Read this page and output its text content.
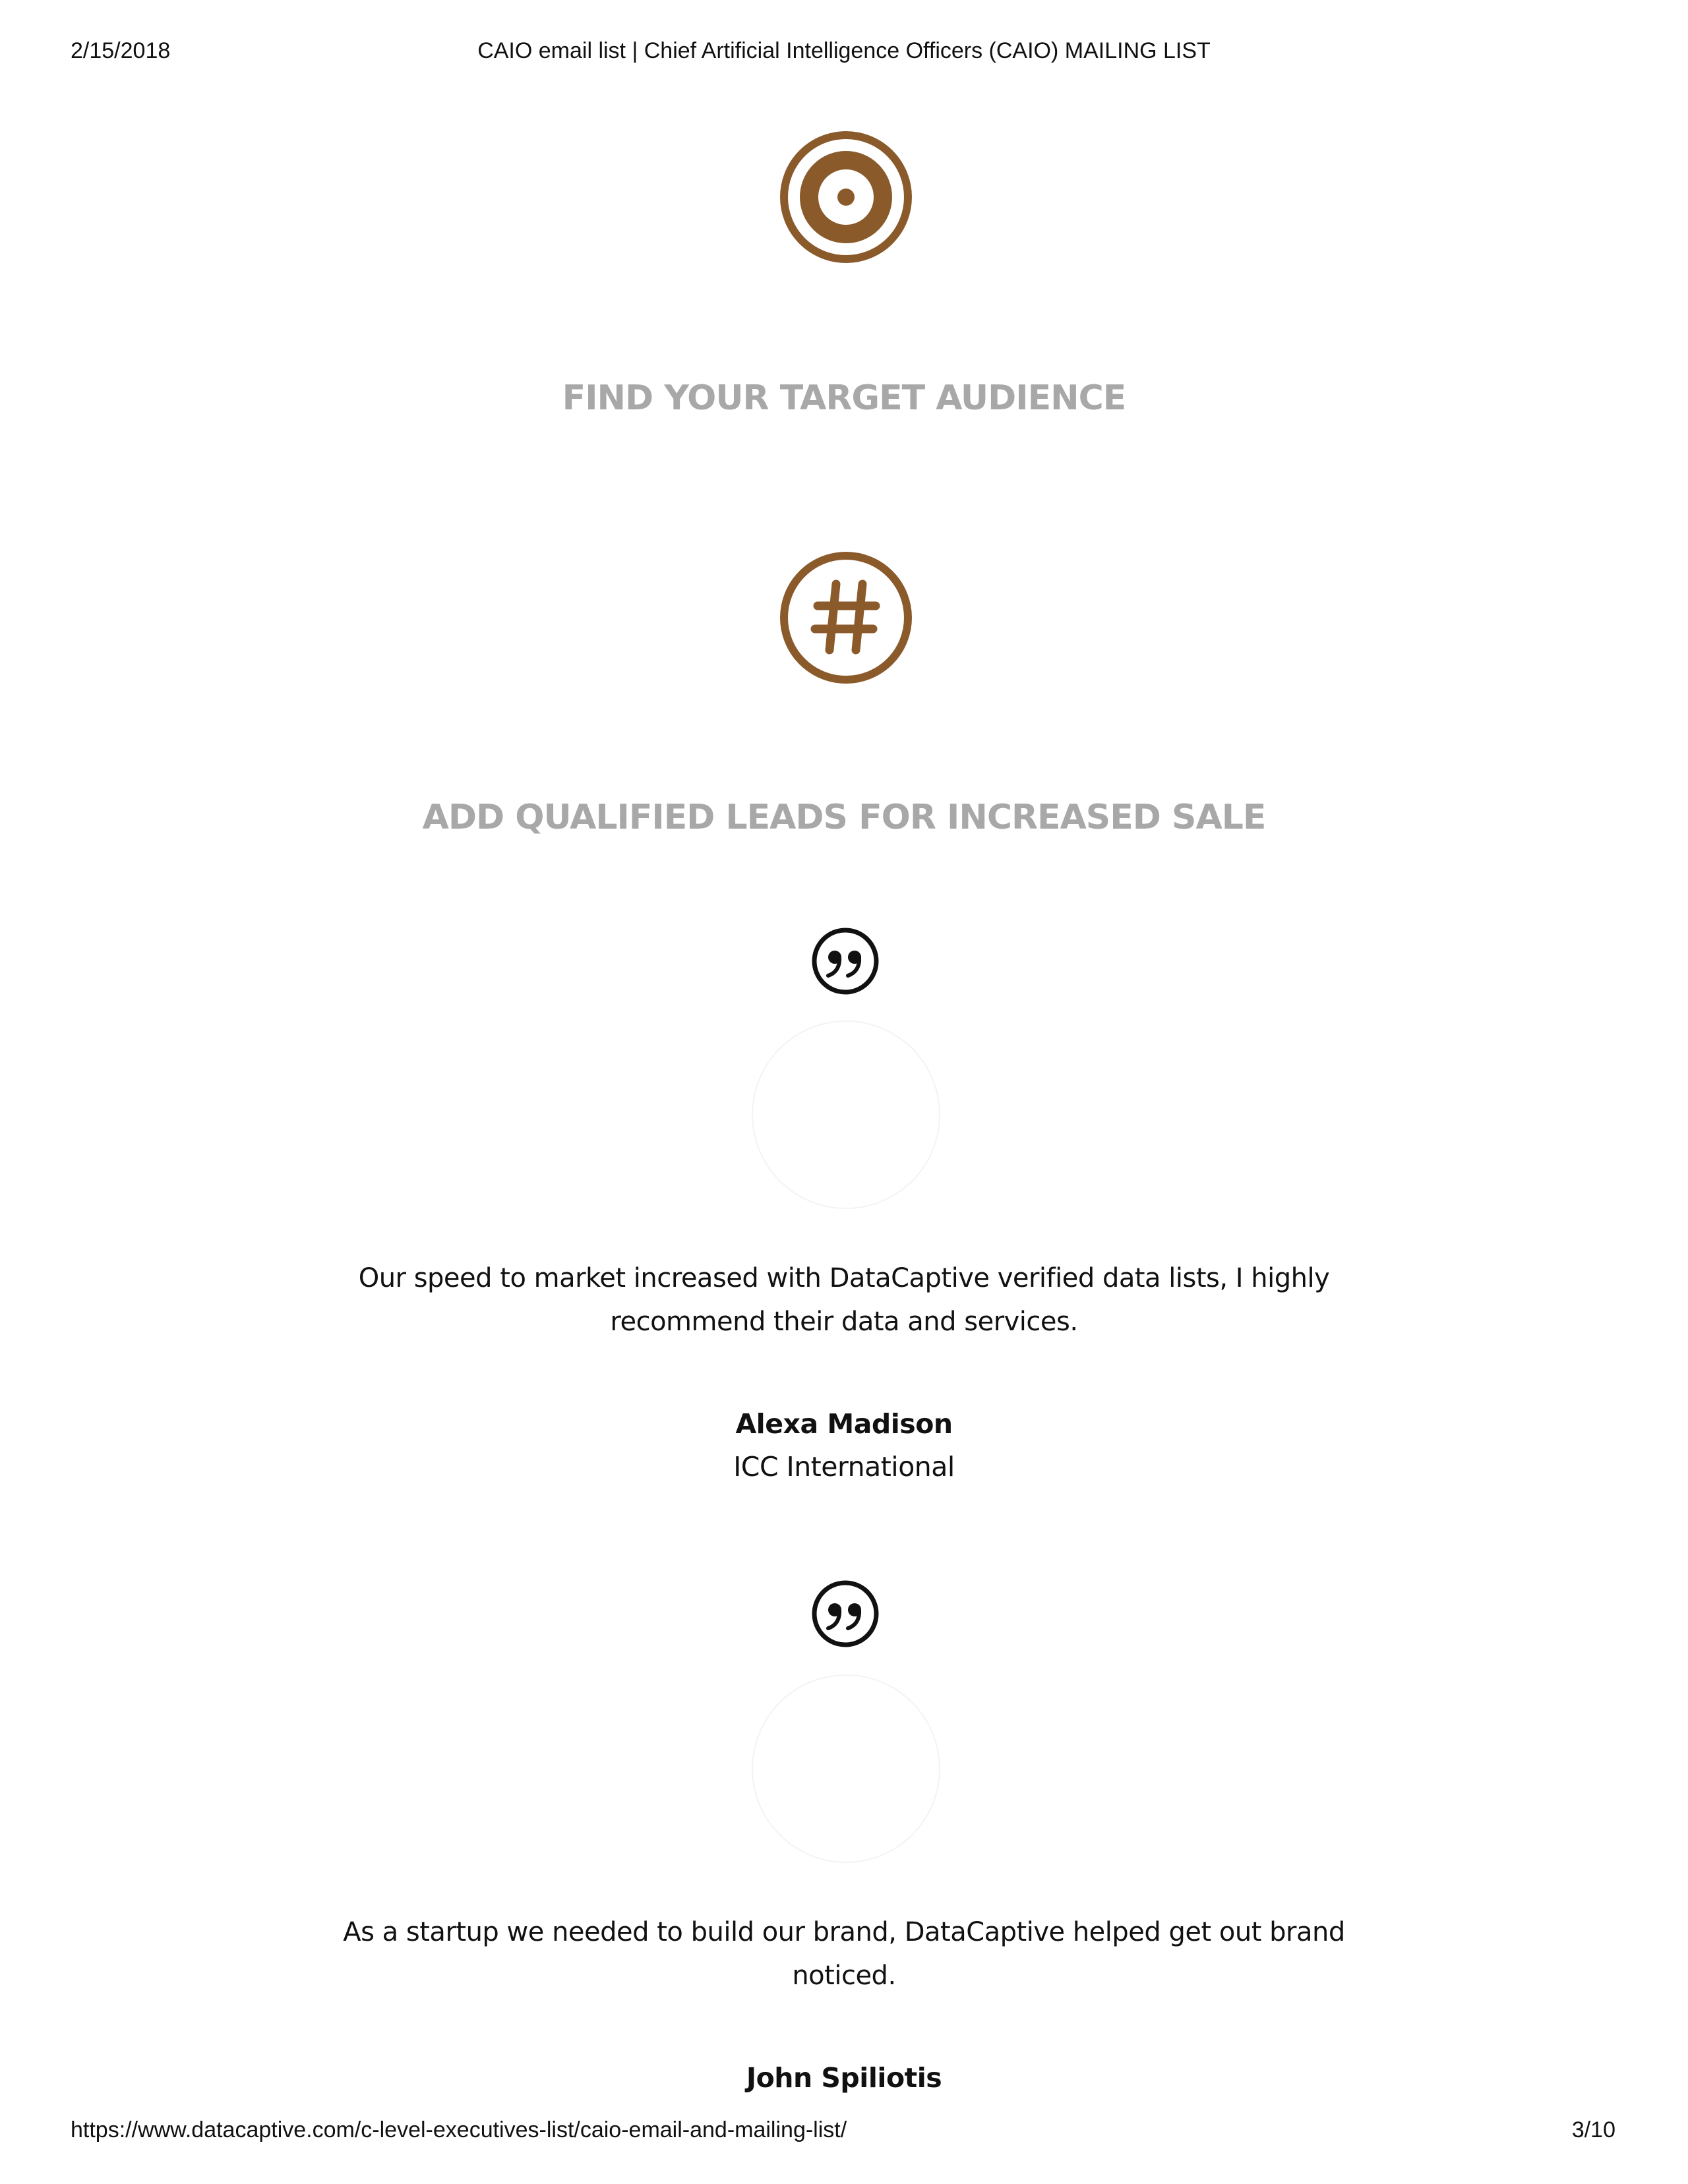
2/15/2018	CAIO email list | Chief Artificial Intelligence Officers (CAIO) MAILING LIST
FIND YOUR TARGET AUDIENCE
ADD QUALIFIED LEADS FOR INCREASED SALE
Our speed to market increased with DataCaptive verified data lists, I highly
recommend their data and services.
Alexa Madison
ICC International
As a startup we needed to build our brand, DataCaptive helped get out brand
noticed.
John Spiliotis
https://www.datacaptive.com/c-level-executives-list/caio-email-and-mailing-list/	3/10
